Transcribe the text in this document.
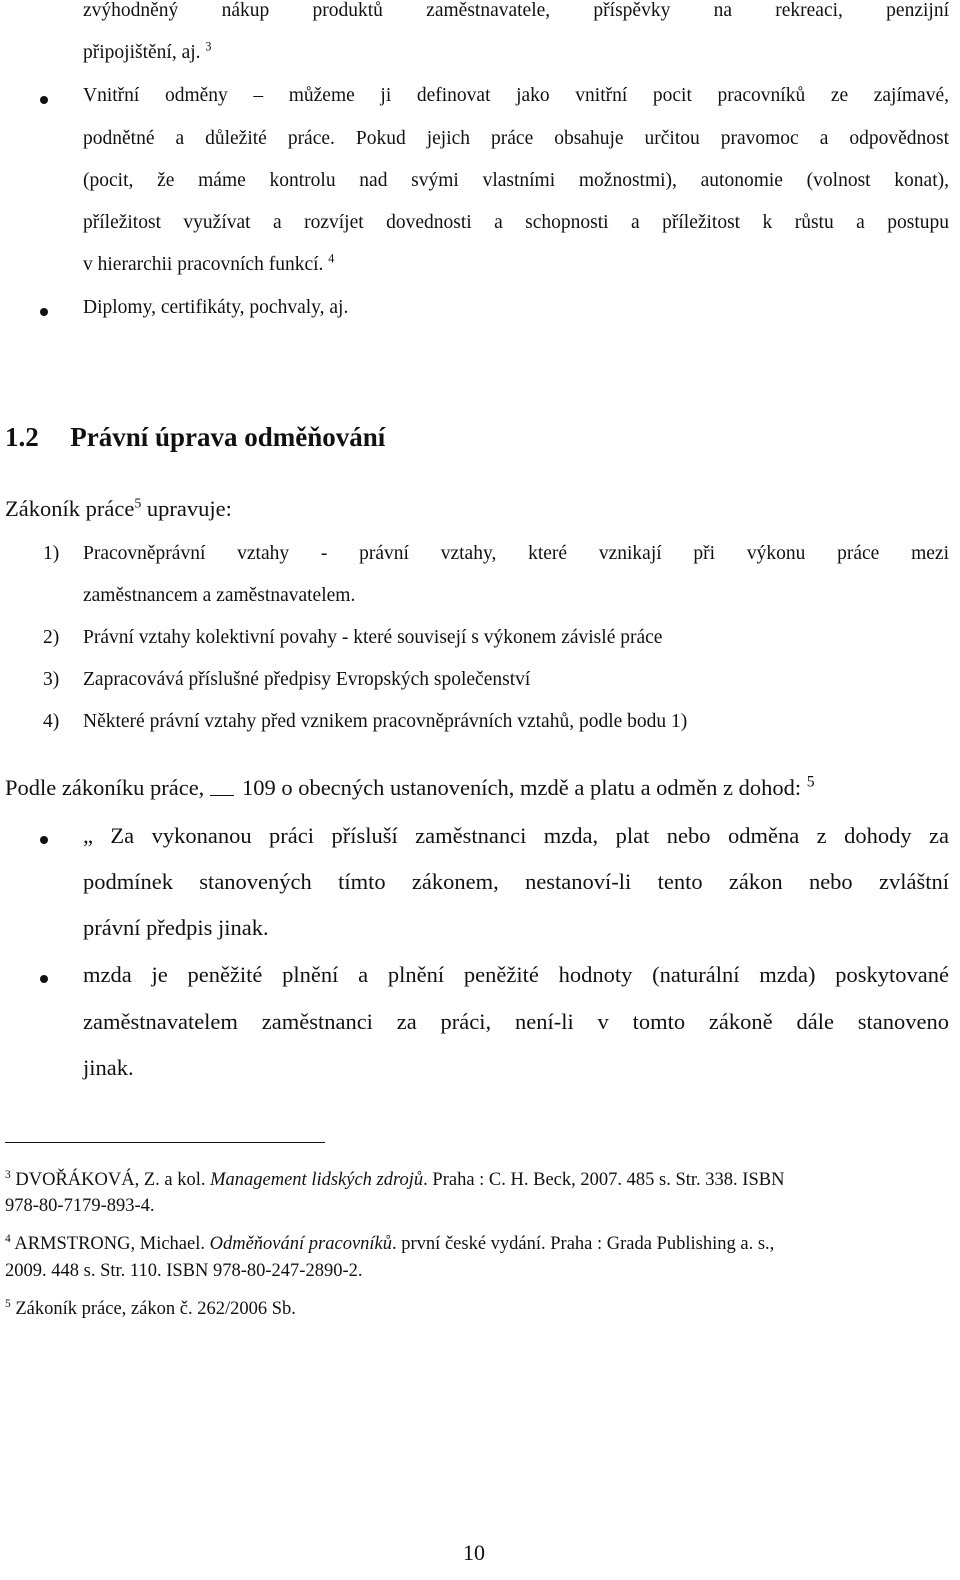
zvýhodněný nákup produktů zaměstnavatele, příspěvky na rekreaci, penzijní
připojištění, aj. $^3$
Vnitřní odměny – můžeme ji definovat jako vnitřní pocit pracovníků ze zajímavé,
podnětné a důležité práce. Pokud jejich práce obsahuje určitou pravomoc a odpovědnost
(pocit, že máme kontrolu nad svými vlastními možnostmi), autonomie (volnost konat),
příležitost využívat a rozvíjet dovednosti a schopnosti a příležitost k růstu a postupu
v hierarchii pracovních funkcí. $^4$
Diplomy, certifikáty, pochvaly, aj.
1.2 Právní úprava odměňování
Zákoník práce$^5$ upravuje:
1) Pracovněprávní vztahy - právní vztahy, které vznikají při výkonu práce mezi
zaměstnancem a zaměstnavatelem.
2) Právní vztahy kolektivní povahy - které souvisejí s výkonem závislé práce
3) Zapracovává příslušné předpisy Evropských společenství
4) Některé právní vztahy před vznikem pracovněprávních vztahů, podle bodu 1)
Podle zákoníku práce, 109 o obecných ustanoveních, mzdě a platu a odměn z dohod: $^5$
„ Za vykonanou práci přísluší zaměstnanci mzda, plat nebo odměna z dohody za
podmínek stanovených tímto zákonem, nestanoví-li tento zákon nebo zvláštní
právní předpis jinak.
mzda je peněžité plnění a plnění peněžité hodnoty (naturální mzda) poskytované
zaměstnavatelem zaměstnanci za práci, není-li v tomto zákoně dále stanoveno
jinak.
$^3$ DVOŘÁKOVÁ, Z. a kol. Management lidských zdrojů. Praha : C. H. Beck, 2007. 485 s. Str. 338. ISBN
978-80-7179-893-4.
$^4$ ARMSTRONG, Michael. Odměňování pracovníků. první české vydání. Praha : Grada Publishing a. s.,
2009. 448 s. Str. 110. ISBN 978-80-247-2890-2.
$^5$ Zákoník práce, zákon č. 262/2006 Sb.
10
